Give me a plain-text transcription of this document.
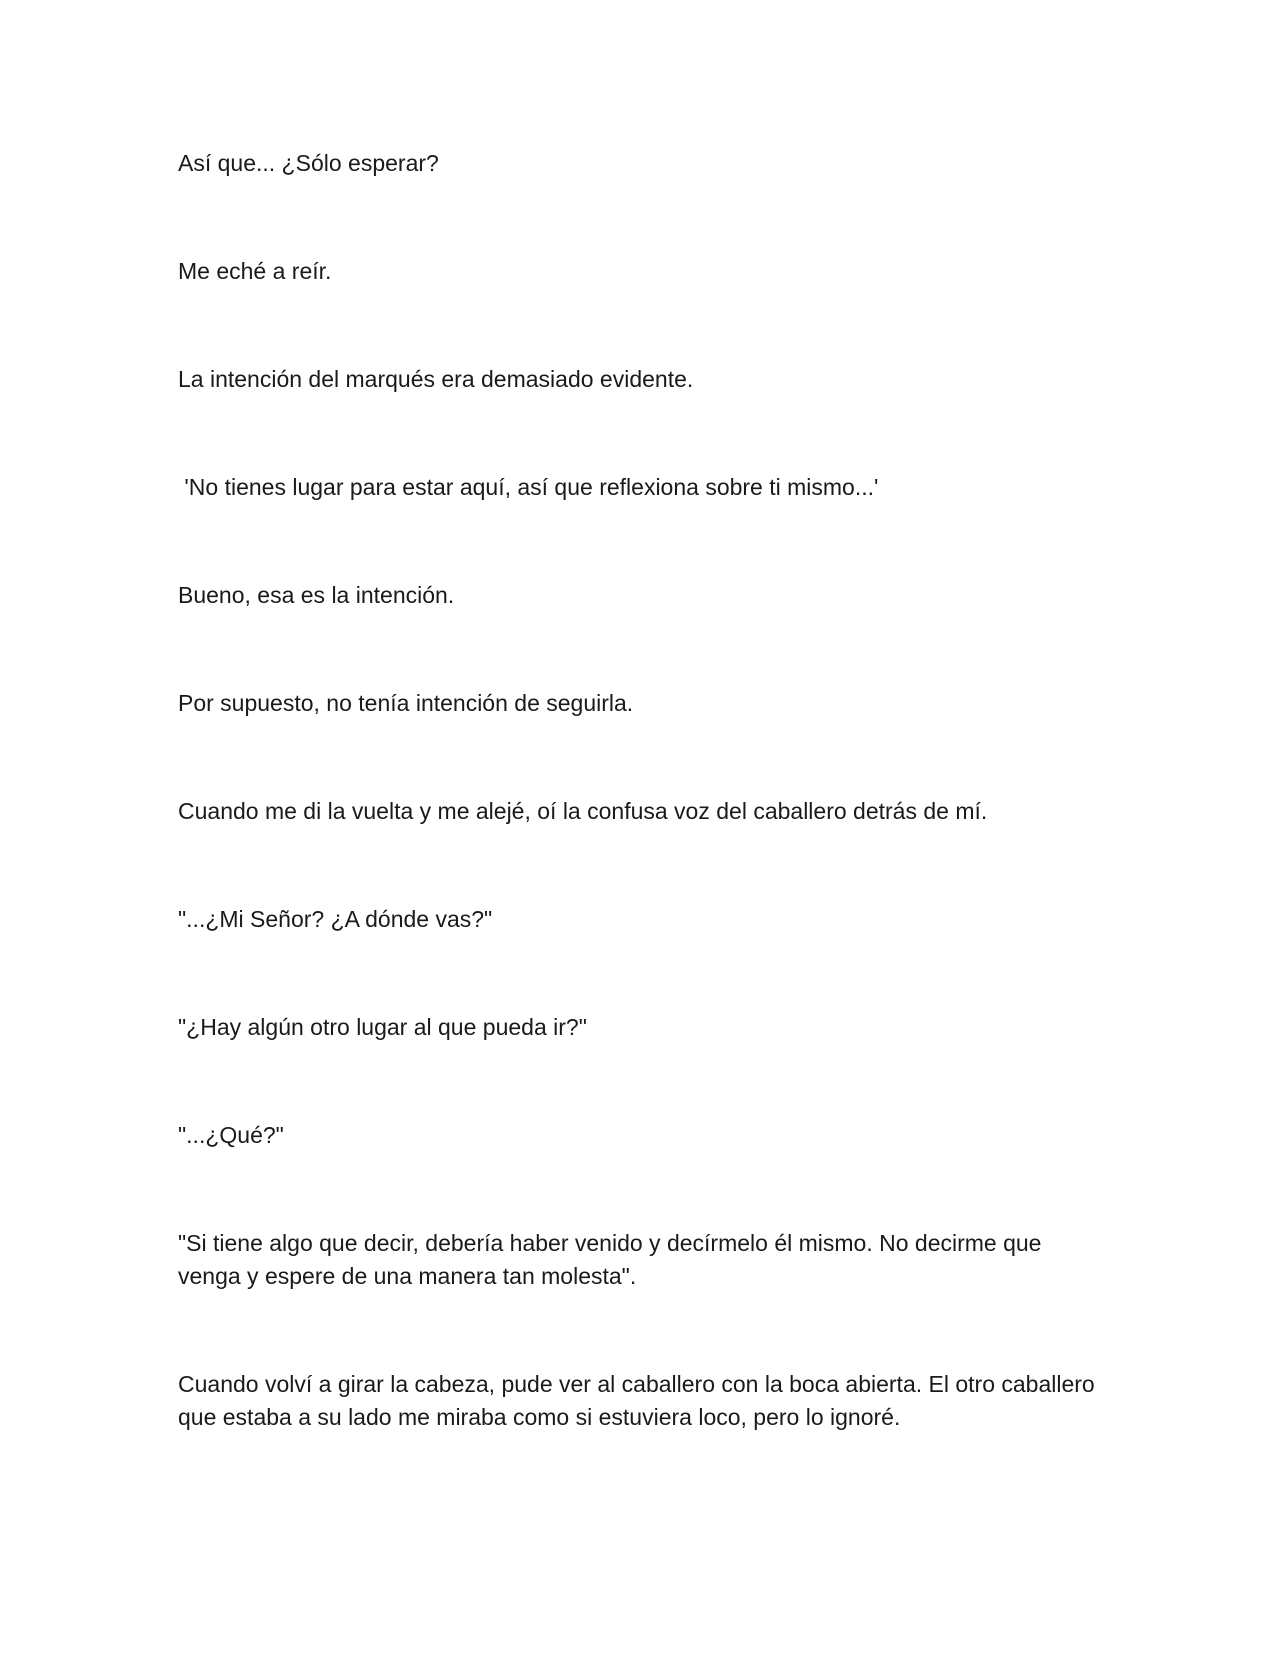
Así que... ¿Sólo esperar?

Me eché a reír.

La intención del marqués era demasiado evidente.

'No tienes lugar para estar aquí, así que reflexiona sobre ti mismo...'

Bueno, esa es la intención.

Por supuesto, no tenía intención de seguirla.

Cuando me di la vuelta y me alejé, oí la confusa voz del caballero detrás de mí.

"...¿Mi Señor? ¿A dónde vas?"

"¿Hay algún otro lugar al que pueda ir?"

"...¿Qué?"

"Si tiene algo que decir, debería haber venido y decírmelo él mismo. No decirme que venga y espere de una manera tan molesta".

Cuando volví a girar la cabeza, pude ver al caballero con la boca abierta. El otro caballero que estaba a su lado me miraba como si estuviera loco, pero lo ignoré.
